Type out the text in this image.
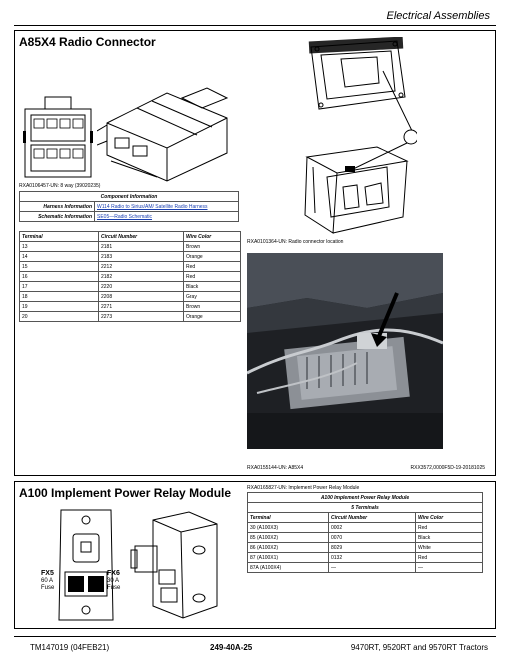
Electrical Assemblies
A85X4 Radio Connector
RXA0106457-UN: 8 way (39020235)
Component Information	
Harness Information	W114 Radio to Sirius/AM/ Satellite Radio Harness
Schematic Information	SE05—Radio Schematic
Terminal	Circuit Number	Wire Color
13	2181	Brown
14	2183	Orange
15	2212	Red
16	2182	Red
17	2220	Black
18	2208	Gray
19	2271	Brown
20	2273	Orange
RXA0101364-UN: Radio connector location
RXA0155144-UN: A85X4	RXX3572,0000F5D-19-20181025
A100 Implement Power Relay Module
FX5
60 A
Fuse
FX6
30 A
Fuse
RXA0165827-UN: Implement Power Relay Module
A100 Implement Power Relay Module		
5 Terminals		
Terminal	Circuit Number	Wire Color
30 (A100X3)	0002	Red
85 (A100X2)	0070	Black
86 (A100X2)	8029	White
87 (A100X1)	0132	Red
87A (A100X4)	—	—
TM147019 (04FEB21)	249-40A-25	9470RT, 9520RT and 9570RT Tractors
